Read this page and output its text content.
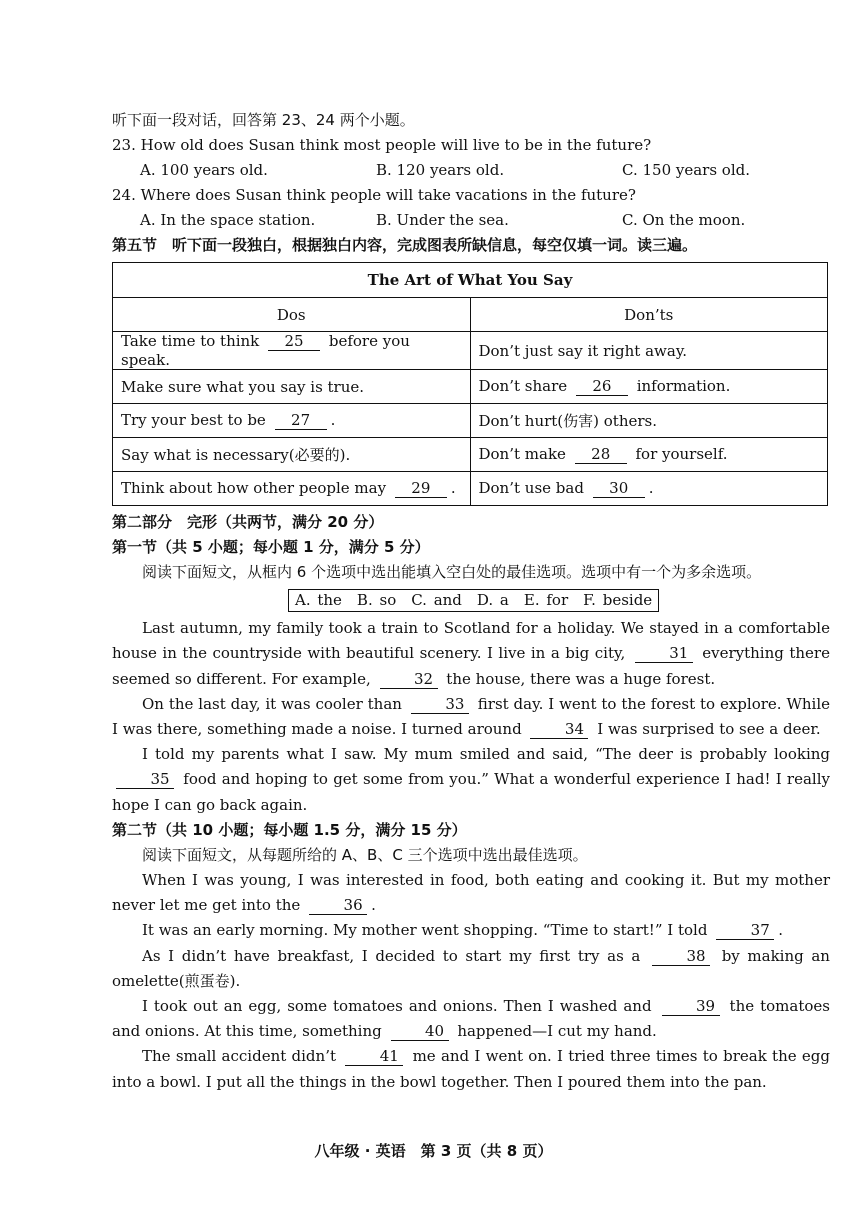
听下面一段对话，回答第 23、24 两个小题。
23. How old does Susan think most people will live to be in the future?
A. 100 years old.	B. 120 years old.	C. 150 years old.
24. Where does Susan think people will take vacations in the future?
A. In the space station.	B. Under the sea.	C. On the moon.
第五节　听下面一段独白，根据独白内容，完成图表所缺信息，每空仅填一词。读三遍。
The Art of What You Say	
Dos	Don’ts
Take time to think 25 before you speak.	Don’t just say it right away.
Make sure what you say is true.	Don’t share 26 information.
Try your best to be 27 .	Don’t hurt(伤害) others.
Say what is necessary(必要的).	Don’t make 28 for yourself.
Think about how other people may 29 .	Don’t use bad 30 .
第二部分　完形（共两节，满分 20 分）
第一节（共 5 小题；每小题 1 分，满分 5 分）
阅读下面短文，从框内 6 个选项中选出能填入空白处的最佳选项。选项中有一个为多余选项。
A. the　B. so　C. and　D. a　E. for　F. beside
Last autumn, my family took a train to Scotland for a holiday. We stayed in a comfortable house in the countryside with beautiful scenery. I live in a big city,	31 everything there seemed so different. For example,	32 the house, there was a huge forest.
On the last day, it was cooler than	33 first day. I went to the forest to explore. While I was there, something made a noise. I turned around	34 I was surprised to see a deer.
I told my parents what I saw. My mum smiled and said, “The deer is probably looking 35 food and hoping to get some from you.” What a wonderful experience I had! I really hope I can go back again.
第二节（共 10 小题；每小题 1.5 分，满分 15 分）
阅读下面短文，从每题所给的 A、B、C 三个选项中选出最佳选项。
When I was young, I was interested in food, both eating and cooking it. But my mother never let me get into the	36 .
It was an early morning. My mother went shopping. “Time to start!” I told	37 .
As I didn’t have breakfast, I decided to start my first try as a	38 by making an omelette(煎蛋卷).
I took out an egg, some tomatoes and onions. Then I washed and	39 the tomatoes and onions. At this time, something	40 happened—I cut my hand.
The small accident didn’t	41 me and I went on. I tried three times to break the egg into a bowl. I put all the things in the bowl together. Then I poured them into the pan.
八年级 · 英语　第 3 页（共 8 页）
